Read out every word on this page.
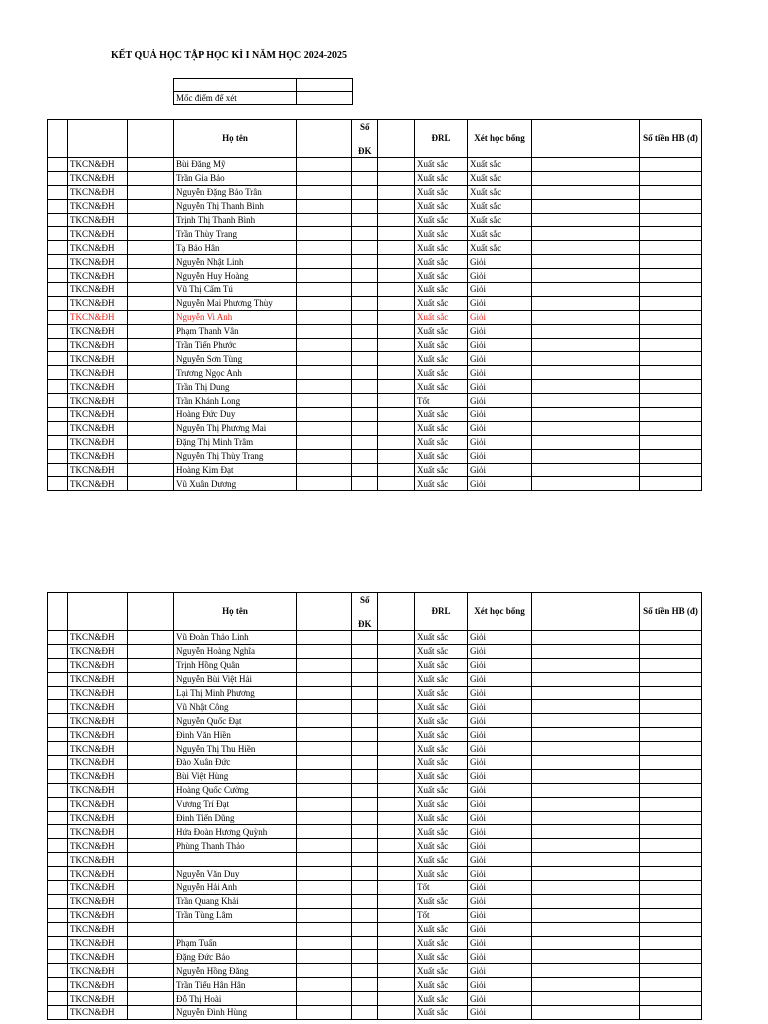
KẾT QUẢ HỌC TẬP HỌC KÌ I NĂM HỌC 2024-2025

Mốc điểm để xét	
			Họ tên		Số
ĐK		ĐRL	Xét học bổng		Số tiền HB (đ)
	TKCN&ĐH		Bùi Đăng Mỹ				Xuất sắc	Xuất sắc		
	TKCN&ĐH		Trần Gia Bảo				Xuất sắc	Xuất sắc		
	TKCN&ĐH		Nguyễn Đặng Bảo Trân				Xuất sắc	Xuất sắc		
	TKCN&ĐH		Nguyễn Thị Thanh Bình				Xuất sắc	Xuất sắc		
	TKCN&ĐH		Trịnh Thị Thanh Bình				Xuất sắc	Xuất sắc		
	TKCN&ĐH		Trần Thùy Trang				Xuất sắc	Xuất sắc		
	TKCN&ĐH		Tạ Bảo Hân				Xuất sắc	Xuất sắc		
	TKCN&ĐH		Nguyễn Nhật Linh				Xuất sắc	Giỏi		
	TKCN&ĐH		Nguyễn Huy Hoàng				Xuất sắc	Giỏi		
	TKCN&ĐH		Vũ Thị Cẩm Tú				Xuất sắc	Giỏi		
	TKCN&ĐH		Nguyễn Mai Phương Thùy				Xuất sắc	Giỏi		
	TKCN&ĐH		Nguyễn Vi Anh				Xuất sắc	Giỏi		
	TKCN&ĐH		Phạm Thanh Vân				Xuất sắc	Giỏi		
	TKCN&ĐH		Trần Tiến Phước				Xuất sắc	Giỏi		
	TKCN&ĐH		Nguyễn Sơn Tùng				Xuất sắc	Giỏi		
	TKCN&ĐH		Trương Ngọc Anh				Xuất sắc	Giỏi		
	TKCN&ĐH		Trần Thị Dung				Xuất sắc	Giỏi		
	TKCN&ĐH		Trần Khánh Long				Tốt	Giỏi		
	TKCN&ĐH		Hoàng Đức Duy				Xuất sắc	Giỏi		
	TKCN&ĐH		Nguyễn Thị Phương Mai				Xuất sắc	Giỏi		
	TKCN&ĐH		Đặng Thị Minh Trâm				Xuất sắc	Giỏi		
	TKCN&ĐH		Nguyễn Thị Thùy Trang				Xuất sắc	Giỏi		
	TKCN&ĐH		Hoàng Kim Đạt				Xuất sắc	Giỏi		
	TKCN&ĐH		Vũ Xuân Dương				Xuất sắc	Giỏi		
			Họ tên		Số
ĐK		ĐRL	Xét học bổng		Số tiền HB (đ)
	TKCN&ĐH		Vũ Đoàn Thảo Linh				Xuất sắc	Giỏi		
	TKCN&ĐH		Nguyễn Hoàng Nghĩa				Xuất sắc	Giỏi		
	TKCN&ĐH		Trịnh Hồng Quân				Xuất sắc	Giỏi		
	TKCN&ĐH		Nguyễn Bùi Việt Hải				Xuất sắc	Giỏi		
	TKCN&ĐH		Lại Thị Minh Phương				Xuất sắc	Giỏi		
	TKCN&ĐH		Vũ Nhật Công				Xuất sắc	Giỏi		
	TKCN&ĐH		Nguyễn Quốc Đạt				Xuất sắc	Giỏi		
	TKCN&ĐH		Đinh Văn Hiền				Xuất sắc	Giỏi		
	TKCN&ĐH		Nguyễn Thị Thu Hiền				Xuất sắc	Giỏi		
	TKCN&ĐH		Đào Xuân Đức				Xuất sắc	Giỏi		
	TKCN&ĐH		Bùi Việt Hùng				Xuất sắc	Giỏi		
	TKCN&ĐH		Hoàng Quốc Cường				Xuất sắc	Giỏi		
	TKCN&ĐH		Vương Trí Đạt				Xuất sắc	Giỏi		
	TKCN&ĐH		Đinh Tiến Dũng				Xuất sắc	Giỏi		
	TKCN&ĐH		Hứa Đoàn Hương Quỳnh				Xuất sắc	Giỏi		
	TKCN&ĐH		Phùng Thanh Thảo				Xuất sắc	Giỏi		
	TKCN&ĐH						Xuất sắc	Giỏi		
	TKCN&ĐH		Nguyễn Văn Duy				Xuất sắc	Giỏi		
	TKCN&ĐH		Nguyễn Hải Anh				Tốt	Giỏi		
	TKCN&ĐH		Trần Quang Khải				Xuất sắc	Giỏi		
	TKCN&ĐH		Trần Tùng Lâm				Tốt	Giỏi		
	TKCN&ĐH						Xuất sắc	Giỏi		
	TKCN&ĐH		Phạm Tuấn				Xuất sắc	Giỏi		
	TKCN&ĐH		Đặng Đức Bảo				Xuất sắc	Giỏi		
	TKCN&ĐH		Nguyễn Hồng Đăng				Xuất sắc	Giỏi		
	TKCN&ĐH		Trần Tiểu Hân Hân				Xuất sắc	Giỏi		
	TKCN&ĐH		Đỗ Thị Hoài				Xuất sắc	Giỏi		
	TKCN&ĐH		Nguyễn Đình Hùng				Xuất sắc	Giỏi		
